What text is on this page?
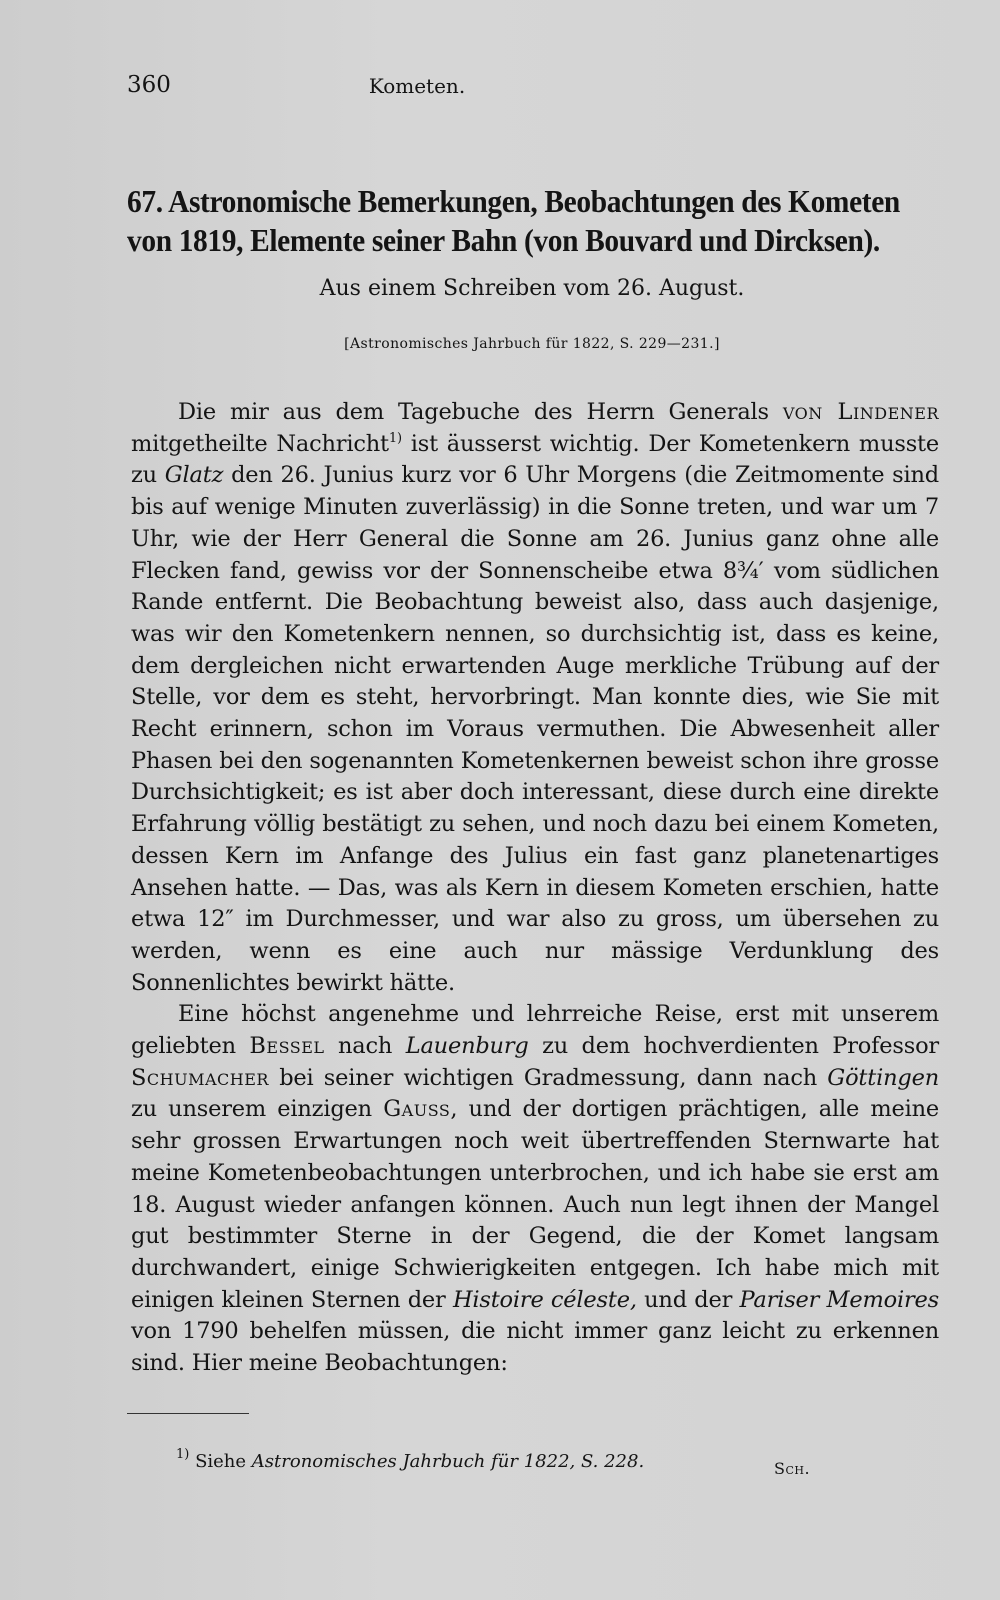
360	Kometen.
67. Astronomische Bemerkungen, Beobachtungen des Kometen von 1819, Elemente seiner Bahn (von Bouvard und Dircksen).
Aus einem Schreiben vom 26. August.
[Astronomisches Jahrbuch für 1822, S. 229—231.]

Die mir aus dem Tagebuche des Herrn Generals von Lindener mitgetheilte Nachricht$^{1)}$ ist äusserst wichtig. Der Kometenkern musste zu Glatz den 26. Junius kurz vor 6 Uhr Morgens (die Zeitmomente sind bis auf wenige Minuten zuverlässig) in die Sonne treten, und war um 7 Uhr, wie der Herr General die Sonne am 26. Junius ganz ohne alle Flecken fand, gewiss vor der Sonnenscheibe etwa 8¾′ vom südlichen Rande entfernt. Die Beobachtung beweist also, dass auch dasjenige, was wir den Kometenkern nennen, so durchsichtig ist, dass es keine, dem dergleichen nicht erwartenden Auge merkliche Trübung auf der Stelle, vor dem es steht, hervorbringt. Man konnte dies, wie Sie mit Recht erinnern, schon im Voraus vermuthen. Die Abwesenheit aller Phasen bei den sogenannten Kometenkernen beweist schon ihre grosse Durchsichtigkeit; es ist aber doch interessant, diese durch eine direkte Erfahrung völlig bestätigt zu sehen, und noch dazu bei einem Kometen, dessen Kern im Anfange des Julius ein fast ganz planetenartiges Ansehen hatte. — Das, was als Kern in diesem Kometen erschien, hatte etwa 12″ im Durchmesser, und war also zu gross, um übersehen zu werden, wenn es eine auch nur mässige Verdunklung des Sonnenlichtes bewirkt hätte.

Eine höchst angenehme und lehrreiche Reise, erst mit unserem geliebten Bessel nach Lauenburg zu dem hochverdienten Professor Schumacher bei seiner wichtigen Gradmessung, dann nach Göttingen zu unserem einzigen Gauss, und der dortigen prächtigen, alle meine sehr grossen Erwartungen noch weit übertreffenden Sternwarte hat meine Kometenbeobachtungen unterbrochen, und ich habe sie erst am 18. August wieder anfangen können. Auch nun legt ihnen der Mangel gut bestimmter Sterne in der Gegend, die der Komet langsam durchwandert, einige Schwierigkeiten entgegen. Ich habe mich mit einigen kleinen Sternen der Histoire céleste, und der Pariser Memoires von 1790 behelfen müssen, die nicht immer ganz leicht zu erkennen sind. Hier meine Beobachtungen:

$^{1)}$ Siehe Astronomisches Jahrbuch für 1822, S. 228.	Sch.
